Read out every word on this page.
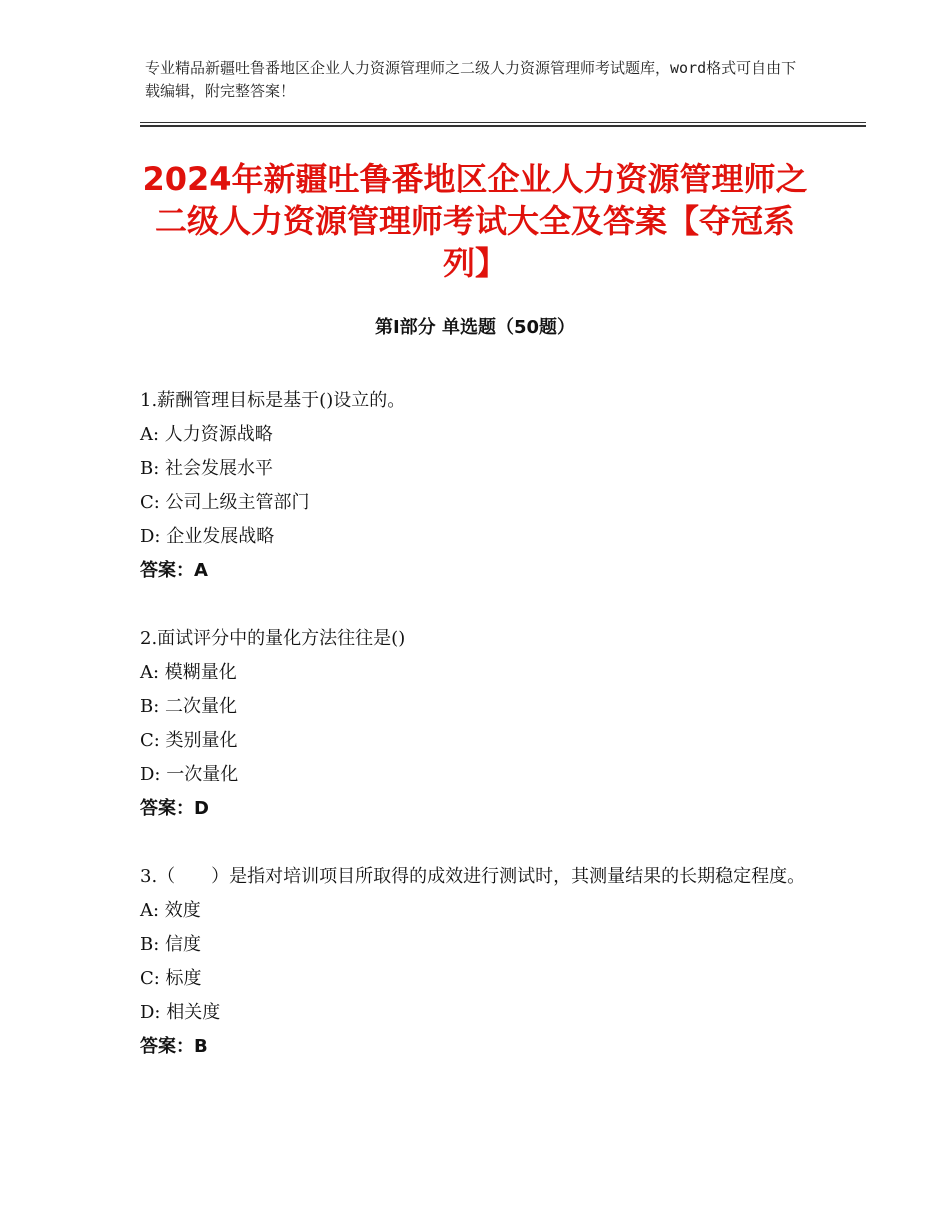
专业精品新疆吐鲁番地区企业人力资源管理师之二级人力资源管理师考试题库，word格式可自由下载编辑，附完整答案！
2024年新疆吐鲁番地区企业人力资源管理师之二级人力资源管理师考试大全及答案【夺冠系列】
第Ⅰ部分 单选题（50题）

1.薪酬管理目标是基于()设立的。

A: 人力资源战略

B: 社会发展水平

C: 公司上级主管部门

D: 企业发展战略

答案：A

2.面试评分中的量化方法往往是()

A: 模糊量化

B: 二次量化

C: 类别量化

D: 一次量化

答案：D

3.（　　）是指对培训项目所取得的成效进行测试时，其测量结果的长期稳定程度。

A: 效度

B: 信度

C: 标度

D: 相关度

答案：B
